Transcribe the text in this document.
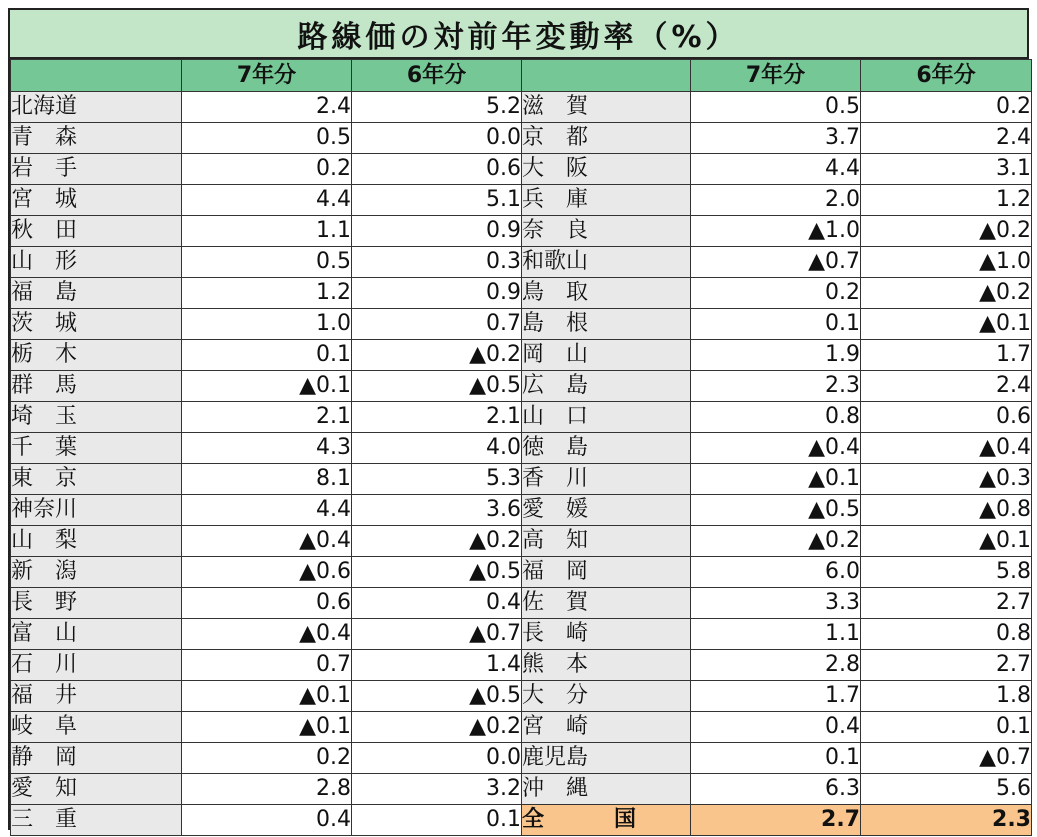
路線価の対前年変動率（%）
	7年分	6年分		7年分	6年分
北海道	2.4	5.2	滋　賀	0.5	0.2
青　森	0.5	0.0	京　都	3.7	2.4
岩　手	0.2	0.6	大　阪	4.4	3.1
宮　城	4.4	5.1	兵　庫	2.0	1.2
秋　田	1.1	0.9	奈　良	▲1.0	▲0.2
山　形	0.5	0.3	和歌山	▲0.7	▲1.0
福　島	1.2	0.9	鳥　取	0.2	▲0.2
茨　城	1.0	0.7	島　根	0.1	▲0.1
栃　木	0.1	▲0.2	岡　山	1.9	1.7
群　馬	▲0.1	▲0.5	広　島	2.3	2.4
埼　玉	2.1	2.1	山　口	0.8	0.6
千　葉	4.3	4.0	徳　島	▲0.4	▲0.4
東　京	8.1	5.3	香　川	▲0.1	▲0.3
神奈川	4.4	3.6	愛　媛	▲0.5	▲0.8
山　梨	▲0.4	▲0.2	高　知	▲0.2	▲0.1
新　潟	▲0.6	▲0.5	福　岡	6.0	5.8
長　野	0.6	0.4	佐　賀	3.3	2.7
富　山	▲0.4	▲0.7	長　崎	1.1	0.8
石　川	0.7	1.4	熊　本	2.8	2.7
福　井	▲0.1	▲0.5	大　分	1.7	1.8
岐　阜	▲0.1	▲0.2	宮　崎	0.4	0.1
静　岡	0.2	0.0	鹿児島	0.1	▲0.7
愛　知	2.8	3.2	沖　縄	6.3	5.6
三　重	0.4	0.1	全　国	2.7	2.3
